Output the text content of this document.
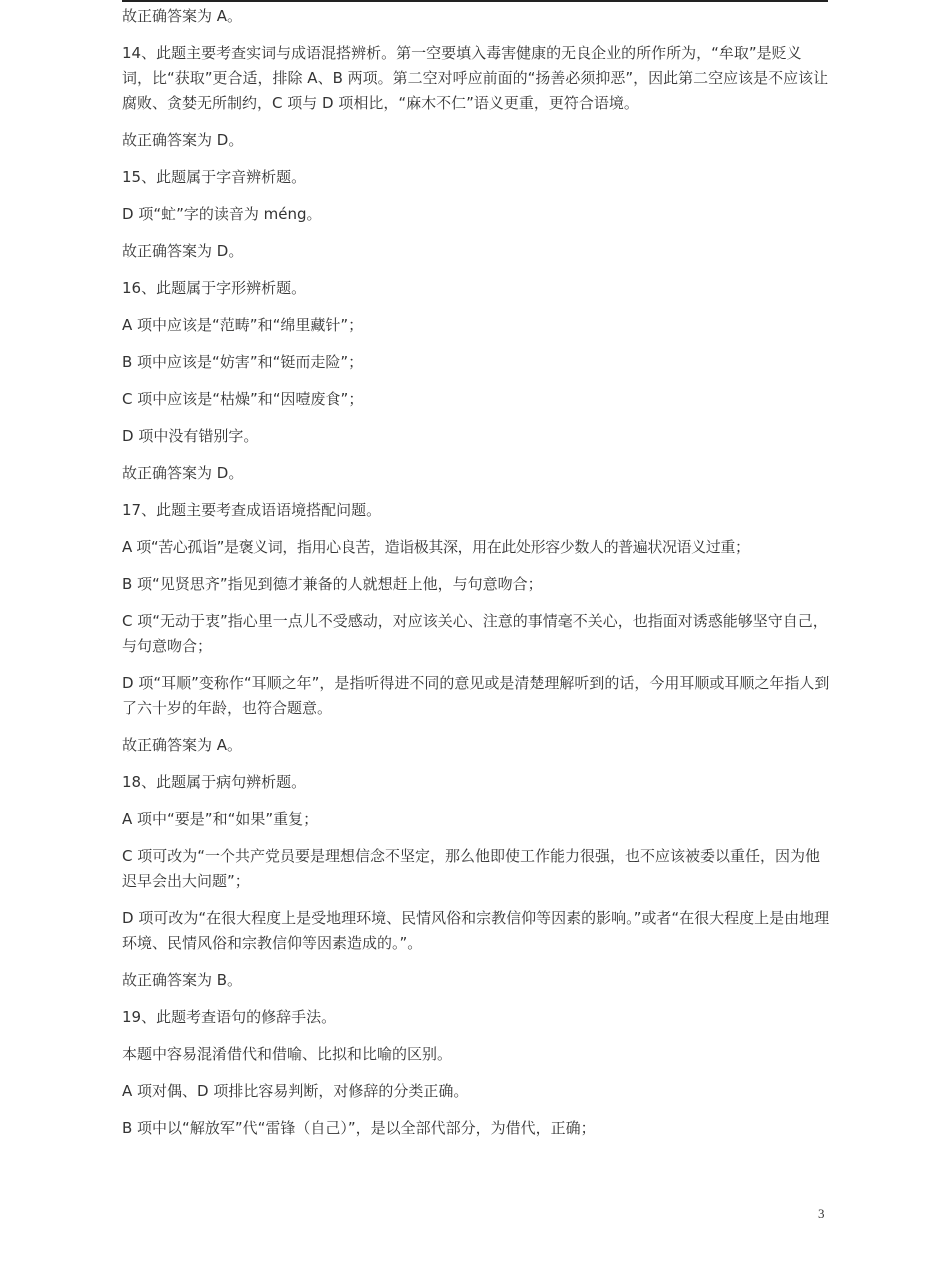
故正确答案为 A。

14、此题主要考查实词与成语混搭辨析。第一空要填入毒害健康的无良企业的所作所为，“牟取”是贬义词，比“获取”更合适，排除 A、B 两项。第二空对呼应前面的“扬善必须抑恶”，因此第二空应该是不应该让腐败、贪婪无所制约，C 项与 D 项相比，“麻木不仁”语义更重，更符合语境。

故正确答案为 D。

15、此题属于字音辨析题。

D 项“虻”字的读音为 méng。

故正确答案为 D。

16、此题属于字形辨析题。

A 项中应该是“范畴”和“绵里藏针”；

B 项中应该是“妨害”和“铤而走险”；

C 项中应该是“枯燥”和“因噎废食”；

D 项中没有错别字。

故正确答案为 D。

17、此题主要考查成语语境搭配问题。

A 项“苦心孤诣”是褒义词，指用心良苦，造诣极其深，用在此处形容少数人的普遍状况语义过重；

B 项“见贤思齐”指见到德才兼备的人就想赶上他，与句意吻合；

C 项“无动于衷”指心里一点儿不受感动，对应该关心、注意的事情毫不关心，也指面对诱惑能够坚守自己，与句意吻合；

D 项“耳顺”变称作“耳顺之年”，是指听得进不同的意见或是清楚理解听到的话，今用耳顺或耳顺之年指人到了六十岁的年龄，也符合题意。

故正确答案为 A。

18、此题属于病句辨析题。

A 项中“要是”和“如果”重复；

C 项可改为“一个共产党员要是理想信念不坚定，那么他即使工作能力很强，也不应该被委以重任，因为他迟早会出大问题”；

D 项可改为“在很大程度上是受地理环境、民情风俗和宗教信仰等因素的影响。”或者“在很大程度上是由地理环境、民情风俗和宗教信仰等因素造成的。”。

故正确答案为 B。

19、此题考查语句的修辞手法。

本题中容易混淆借代和借喻、比拟和比喻的区别。

A 项对偶、D 项排比容易判断，对修辞的分类正确。

B 项中以“解放军”代“雷锋（自己）”，是以全部代部分，为借代，正确；

3
